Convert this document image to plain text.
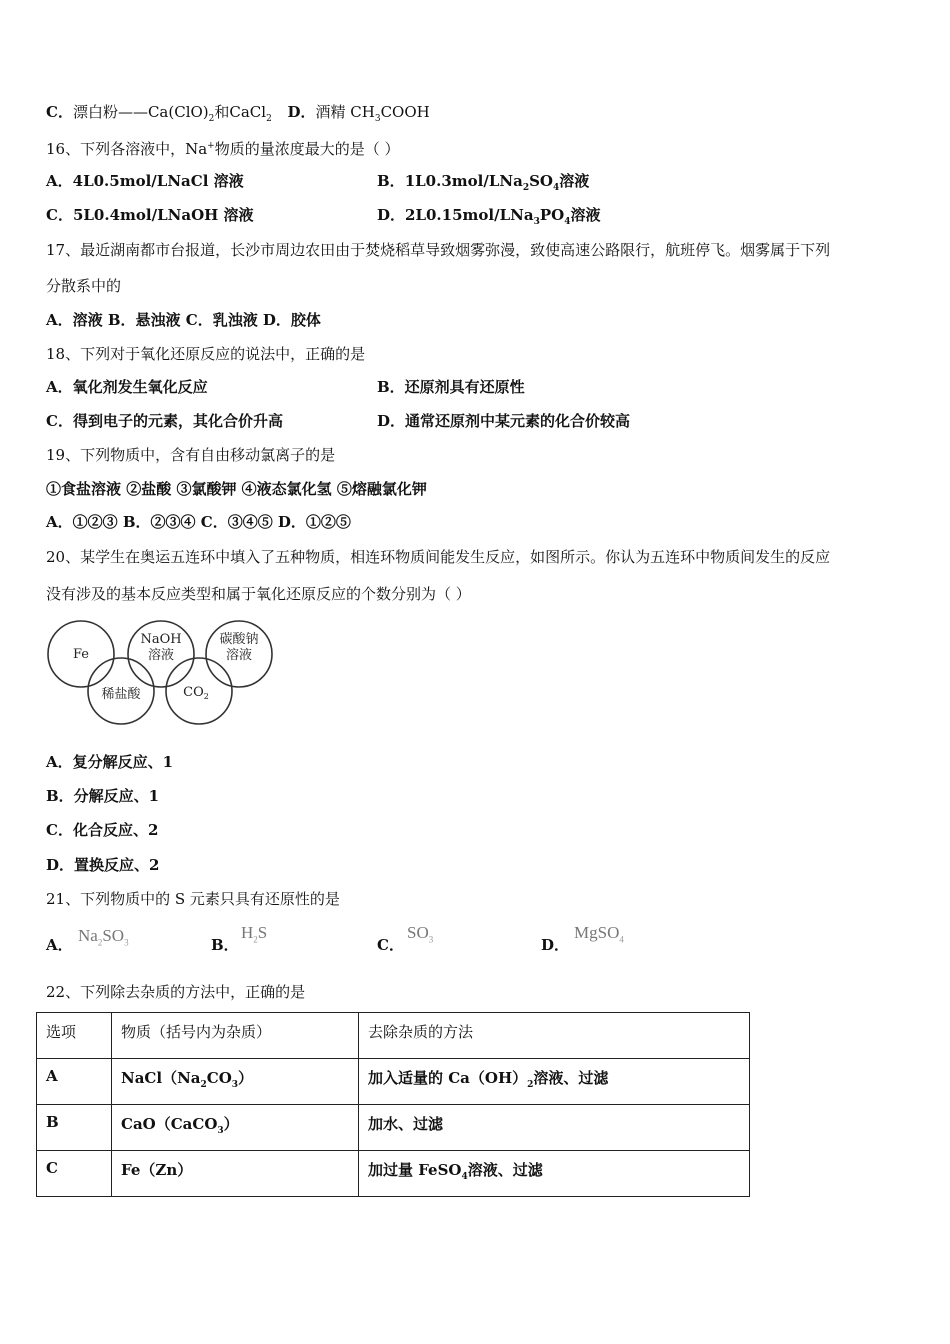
C．漂白粉$——Ca(ClO)_2$和CaCl$_2$ D．酒精 $CH_3COOH$
16、下列各溶液中，Na+物质的量浓度最大的是（ ）
A．4L0.5mol/LNaCl 溶液	B．$1L0.3mol/LNa_2SO_4$溶液
C．5L0.4mol/LNaOH 溶液	D．$2L0.15mol/LNa_3PO_4$溶液
17、最近湖南都市台报道，长沙市周边农田由于焚烧稻草导致烟雾弥漫，致使高速公路限行，航班停飞。烟雾属于下列
分散系中的
A．溶液 B．悬浊液 C．乳浊液 D．胶体
18、下列对于氧化还原反应的说法中，正确的是
A．氧化剂发生氧化反应	B．还原剂具有还原性
C．得到电子的元素，其化合价升高	D．通常还原剂中某元素的化合价较高
19、下列物质中，含有自由移动氯离子的是
①食盐溶液 ②盐酸 ③氯酸钾 ④液态氯化氢 ⑤熔融氯化钾
A．①②③ B．②③④ C．③④⑤ D．①②⑤
20、某学生在奥运五连环中填入了五种物质，相连环物质间能发生反应，如图所示。你认为五连环中物质间发生的反应
没有涉及的基本反应类型和属于氧化还原反应的个数分别为（ ）
Fe
NaOH
溶液
碳酸钠
溶液
稀盐酸	$CO_2$
A．复分解反应、1
B．分解反应、1
C．化合反应、2
D．置换反应、2
21、下列物质中的 S 元素只具有还原性的是
A． $Na_2SO_3$	B．
$H_2S$
C．
$SO_3$	D．
MgSO$_4$
22、下列除去杂质的方法中，正确的是
选项	物质（括号内为杂质）	去除杂质的方法
A	$NaCl(Na_2CO_3)$	加入适量的 $Ca(OH)_2$溶液、过滤
B	CaO（CaCO$_3$）	加水、过滤
C	Fe（Zn）	加过量 FeSO$_4$溶液、过滤
